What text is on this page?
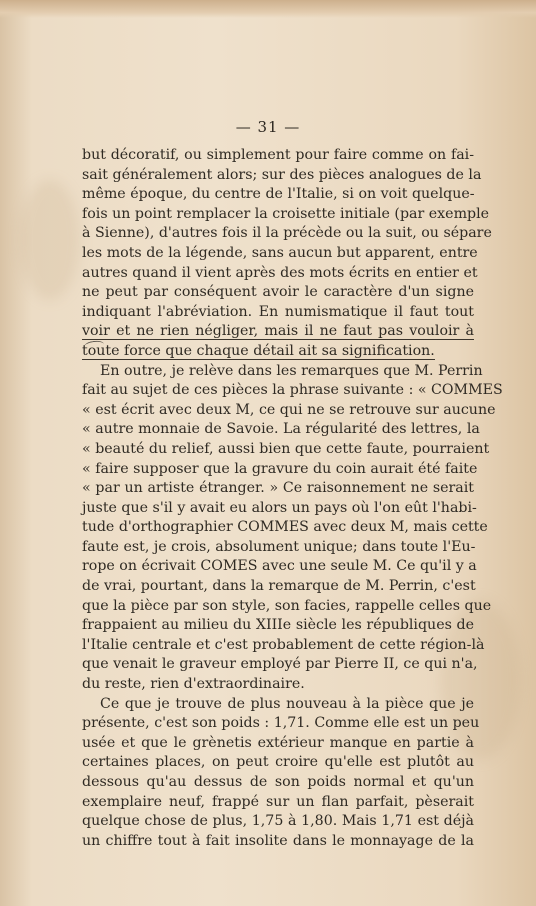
— 31 —

but décoratif, ou simplement pour faire comme on fai-
sait généralement alors; sur des pièces analogues de la
même époque, du centre de l'Italie, si on voit quelque-
fois un point remplacer la croisette initiale (par exemple
à Sienne), d'autres fois il la précède ou la suit, ou sépare
les mots de la légende, sans aucun but apparent, entre
autres quand il vient après des mots écrits en entier et
ne peut par conséquent avoir le caractère d'un signe
indiquant l'abréviation. En numismatique il faut tout
voir et ne rien négliger, mais il ne faut pas vouloir à
toute force que chaque détail ait sa signification.
En outre, je relève dans les remarques que M. Perrin
fait au sujet de ces pièces la phrase suivante : « COMMES
« est écrit avec deux M, ce qui ne se retrouve sur aucune
« autre monnaie de Savoie. La régularité des lettres, la
« beauté du relief, aussi bien que cette faute, pourraient
« faire supposer que la gravure du coin aurait été faite
« par un artiste étranger. » Ce raisonnement ne serait
juste que s'il y avait eu alors un pays où l'on eût l'habi-
tude d'orthographier COMMES avec deux M, mais cette
faute est, je crois, absolument unique; dans toute l'Eu-
rope on écrivait COMES avec une seule M. Ce qu'il y a
de vrai, pourtant, dans la remarque de M. Perrin, c'est
que la pièce par son style, son facies, rappelle celles que
frappaient au milieu du XIIIe siècle les républiques de
l'Italie centrale et c'est probablement de cette région-là
que venait le graveur employé par Pierre II, ce qui n'a,
du reste, rien d'extraordinaire.
Ce que je trouve de plus nouveau à la pièce que je
présente, c'est son poids : 1,71. Comme elle est un peu
usée et que le grènetis extérieur manque en partie à
certaines places, on peut croire qu'elle est plutôt au
dessous qu'au dessus de son poids normal et qu'un
exemplaire neuf, frappé sur un flan parfait, pèserait
quelque chose de plus, 1,75 à 1,80. Mais 1,71 est déjà
un chiffre tout à fait insolite dans le monnayage de la
